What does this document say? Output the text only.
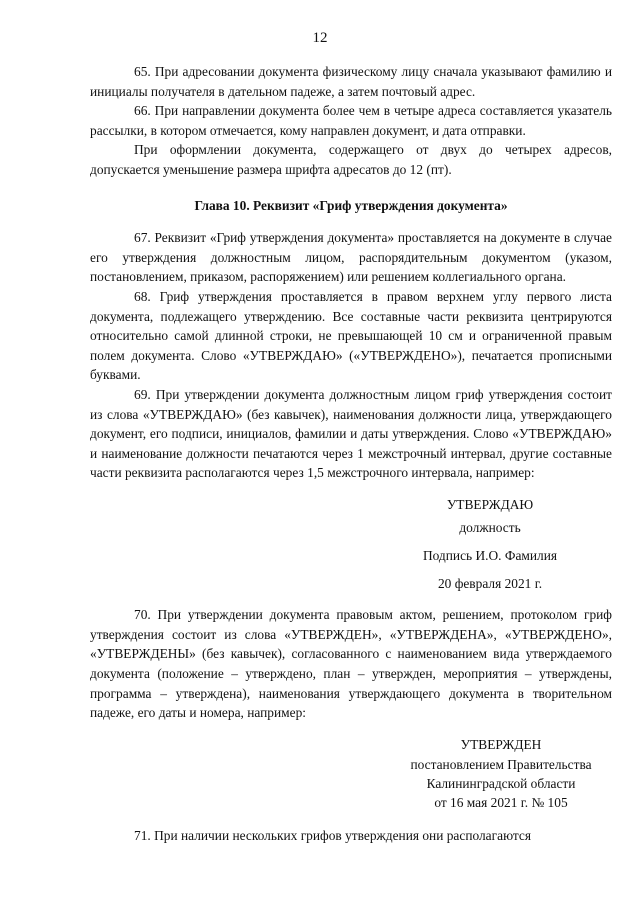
12

65. При адресовании документа физическому лицу сначала указывают фамилию и инициалы получателя в дательном падеже, а затем почтовый адрес.

66. При направлении документа более чем в четыре адреса составляется указатель рассылки, в котором отмечается, кому направлен документ, и дата отправки.

При оформлении документа, содержащего от двух до четырех адресов, допускается уменьшение размера шрифта адресатов до 12 (пт).

Глава 10. Реквизит «Гриф утверждения документа»

67. Реквизит «Гриф утверждения документа» проставляется на документе в случае его утверждения должностным лицом, распорядительным документом (указом, постановлением, приказом, распоряжением) или решением коллегиального органа.

68. Гриф утверждения проставляется в правом верхнем углу первого листа документа, подлежащего утверждению. Все составные части реквизита центрируются относительно самой длинной строки, не превышающей 10 см и ограниченной правым полем документа. Слово «УТВЕРЖДАЮ» («УТВЕРЖДЕНО»), печатается прописными буквами.

69. При утверждении документа должностным лицом гриф утверждения состоит из слова «УТВЕРЖДАЮ» (без кавычек), наименования должности лица, утверждающего документ, его подписи, инициалов, фамилии и даты утверждения. Слово «УТВЕРЖДАЮ» и наименование должности печатаются через 1 межстрочный интервал, другие составные части реквизита располагаются через 1,5 межстрочного интервала, например:

УТВЕРЖДАЮ
должность
Подпись И.О. Фамилия
20 февраля 2021 г.

70. При утверждении документа правовым актом, решением, протоколом гриф утверждения состоит из слова «УТВЕРЖДЕН», «УТВЕРЖДЕНА», «УТВЕРЖДЕНО», «УТВЕРЖДЕНЫ» (без кавычек), согласованного с наименованием вида утверждаемого документа (положение – утверждено, план – утвержден, мероприятия – утверждены, программа – утверждена), наименования утверждающего документа в творительном падеже, его даты и номера, например:

УТВЕРЖДЕН
постановлением Правительства
Калининградской области
от 16 мая 2021 г. № 105

71. При наличии нескольких грифов утверждения они располагаются
